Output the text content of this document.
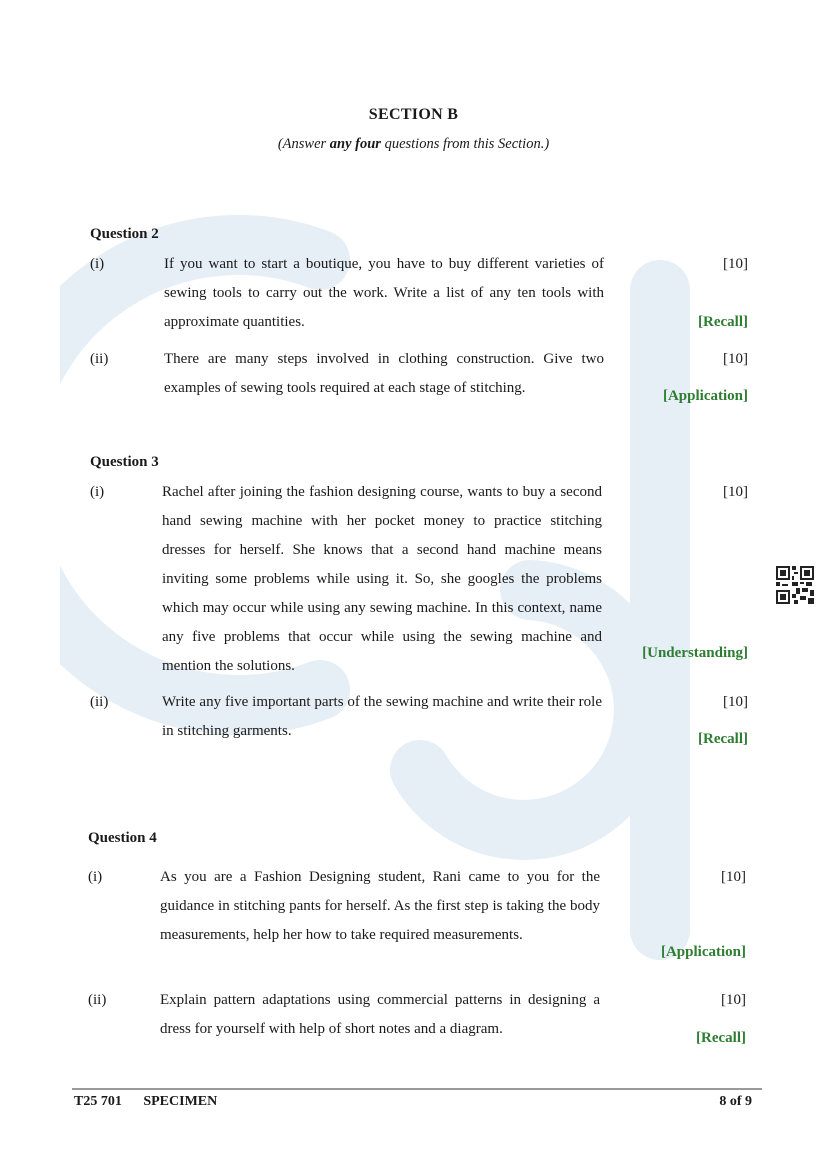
SECTION B
(Answer any four questions from this Section.)
Question 2
(i)	If you want to start a boutique, you have to buy different varieties of sewing tools to carry out the work. Write a list of any ten tools with approximate quantities.
[10]
[Recall]
(ii)	There are many steps involved in clothing construction. Give two examples of sewing tools required at each stage of stitching.
[10]
[Application]
Question 3
(i)	Rachel after joining the fashion designing course, wants to buy a second hand sewing machine with her pocket money to practice stitching dresses for herself. She knows that a second hand machine means inviting some problems while using it. So, she googles the problems which may occur while using any sewing machine. In this context, name any five problems that occur while using the sewing machine and mention the solutions.
[10]
[Understanding]
(ii)	Write any five important parts of the sewing machine and write their role in stitching garments.
[10]
[Recall]
Question 4
(i)	As you are a Fashion Designing student, Rani came to you for the guidance in stitching pants for herself. As the first step is taking the body measurements, help her how to take required measurements.
[10]
[Application]
(ii)	Explain pattern adaptations using commercial patterns in designing a dress for yourself with help of short notes and a diagram.
[10]
[Recall]
T25 701 SPECIMEN	8 of 9
